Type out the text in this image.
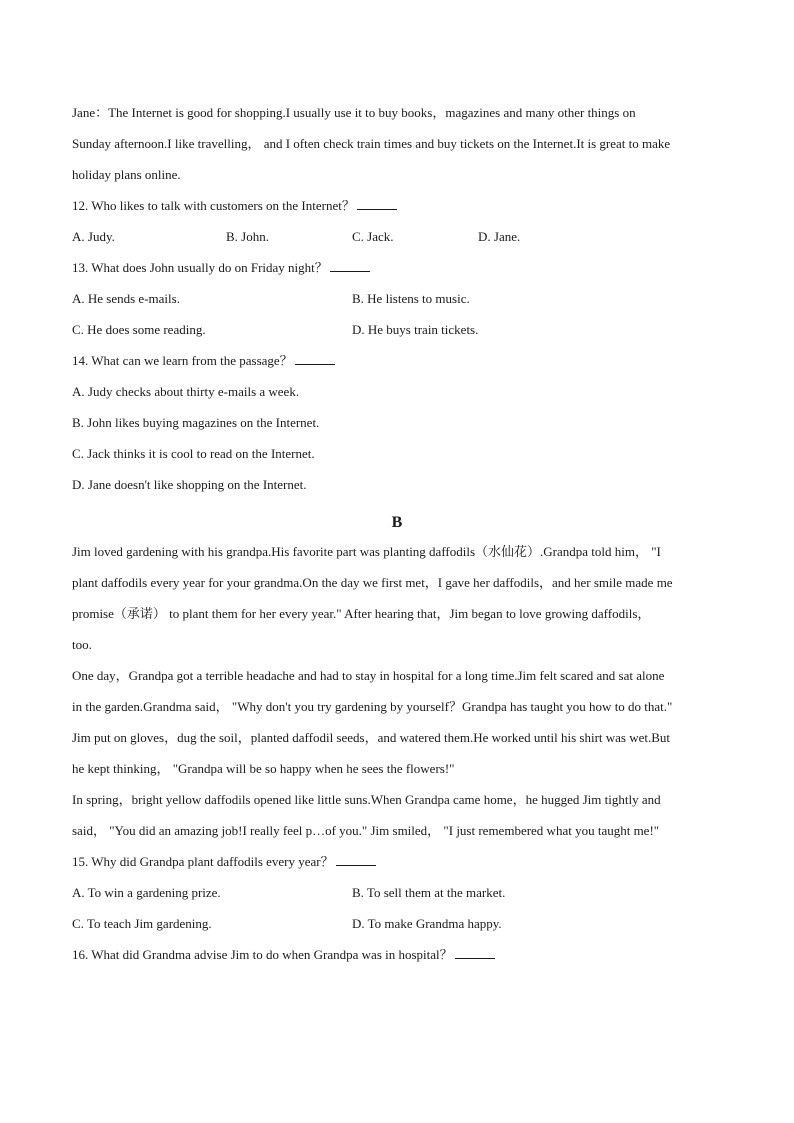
Jane：The Internet is good for shopping.I usually use it to buy books，magazines and many other things on
Sunday afternoon.I like travelling， and I often check train times and buy tickets on the Internet.It is great to make
holiday plans online.
12. Who likes to talk with customers on the Internet？
A. Judy.	B. John.	C. Jack.	D. Jane.
13. What does John usually do on Friday night？
A. He sends e-mails.	B. He listens to music.
C. He does some reading.	D. He buys train tickets.
14. What can we learn from the passage？
A. Judy checks about thirty e-mails a week.
B. John likes buying magazines on the Internet.
C. Jack thinks it is cool to read on the Internet.
D. Jane doesn't like shopping on the Internet.
B
Jim loved gardening with his grandpa.His favorite part was planting daffodils（水仙花）.Grandpa told him， "I
plant daffodils every year for your grandma.On the day we first met，I gave her daffodils，and her smile made me
promise（承诺） to plant them for her every year." After hearing that，Jim began to love growing daffodils，
too.
One day，Grandpa got a terrible headache and had to stay in hospital for a long time.Jim felt scared and sat alone
in the garden.Grandma said， "Why don't you try gardening by yourself？Grandpa has taught you how to do that."
Jim put on gloves，dug the soil，planted daffodil seeds，and watered them.He worked until his shirt was wet.But
he kept thinking， "Grandpa will be so happy when he sees the flowers!"
In spring，bright yellow daffodils opened like little suns.When Grandpa came home，he hugged Jim tightly and
said， "You did an amazing job!I really feel p…of you." Jim smiled， "I just remembered what you taught me!"
15. Why did Grandpa plant daffodils every year？
A. To win a gardening prize.	B. To sell them at the market.
C. To teach Jim gardening.	D. To make Grandma happy.
16. What did Grandma advise Jim to do when Grandpa was in hospital？
